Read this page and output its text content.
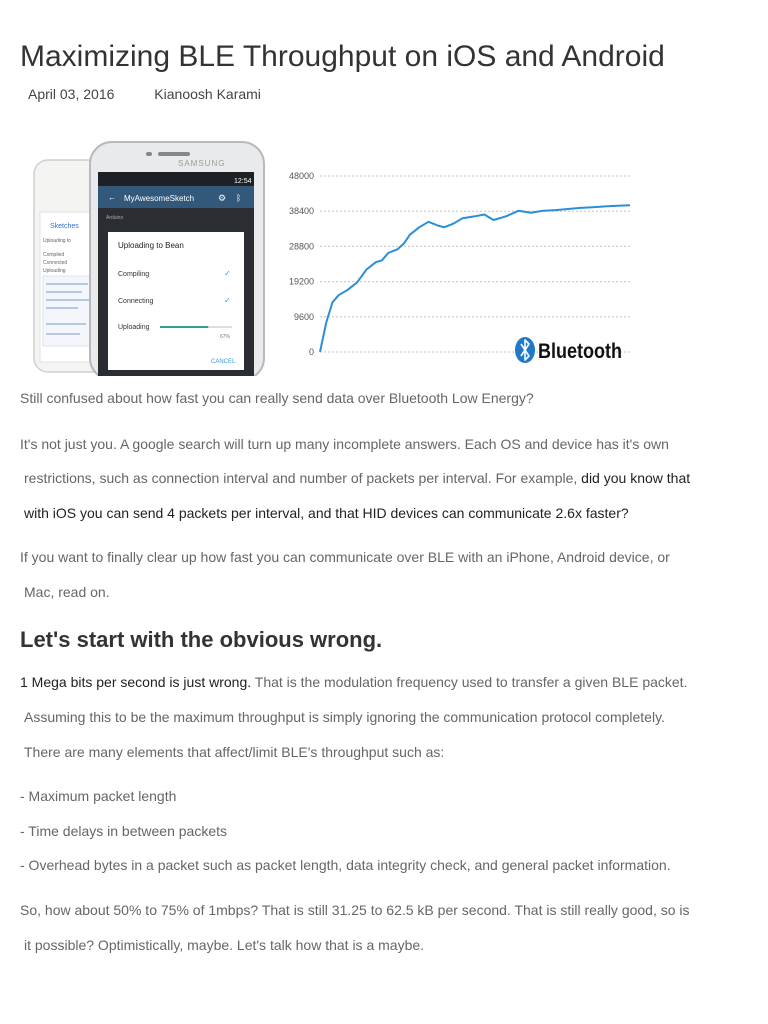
Maximizing BLE Throughput on iOS and Android
April 03, 2016	Kianoosh Karami
Sketches
Uploading to
Compiled
Connected
Uploading
SAMSUNG
12:54
← MyAwesomeSketch	⚙ ᛒ
Arduino
Uploading to Bean
Compiling	✓
Connecting	✓
Uploading
67%
CANCEL
0
9600
19200
28800
38400
48000
Bluetooth
Still confused about how fast you can really send data over Bluetooth Low Energy?
It's not just you. A google search will turn up many incomplete answers. Each OS and device has it's own
restrictions, such as connection interval and number of packets per interval. For example, did you know that
with iOS you can send 4 packets per interval, and that HID devices can communicate 2.6x faster?
If you want to finally clear up how fast you can communicate over BLE with an iPhone, Android device, or
Mac, read on.
Let's start with the obvious wrong.
1 Mega bits per second is just wrong. That is the modulation frequency used to transfer a given BLE packet.
Assuming this to be the maximum throughput is simply ignoring the communication protocol completely.
There are many elements that affect/limit BLE's throughput such as:
- Maximum packet length
- Time delays in between packets
- Overhead bytes in a packet such as packet length, data integrity check, and general packet information.
So, how about 50% to 75% of 1mbps? That is still 31.25 to 62.5 kB per second. That is still really good, so is
it possible? Optimistically, maybe. Let's talk how that is a maybe.
